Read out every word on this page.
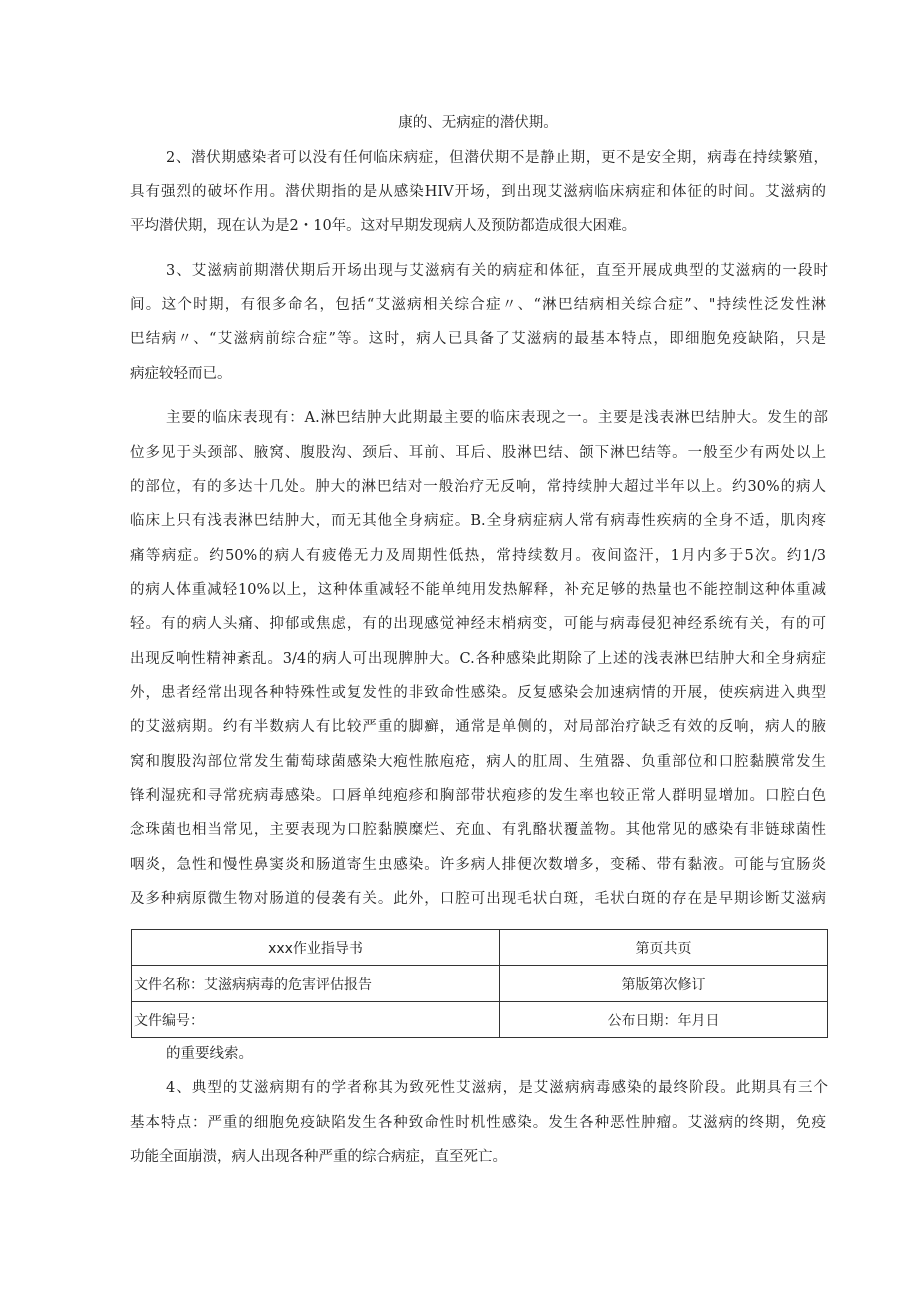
康的、无病症的潜伏期。
2、潜伏期感染者可以没有任何临床病症，但潜伏期不是静止期，更不是安全期，病毒在持续繁殖，
具有强烈的破坏作用。潜伏期指的是从感染HIV开场，到出现艾滋病临床病症和体征的时间。艾滋病的
平均潜伏期，现在认为是2・10年。这对早期发现病人及预防都造成很大困难。
3、艾滋病前期潜伏期后开场出现与艾滋病有关的病症和体征，直至开展成典型的艾滋病的一段时
间。这个时期，有很多命名，包括“艾滋病相关综合症〃、“淋巴结病相关综合症”、"持续性泛发性淋
巴结病〃、“艾滋病前综合症”等。这时，病人已具备了艾滋病的最基本特点，即细胞免疫缺陷，只是
病症较轻而已。
主要的临床表现有：A.淋巴结肿大此期最主要的临床表现之一。主要是浅表淋巴结肿大。发生的部
位多见于头颈部、腋窝、腹股沟、颈后、耳前、耳后、股淋巴结、颌下淋巴结等。一般至少有两处以上
的部位，有的多达十几处。肿大的淋巴结对一般治疗无反响，常持续肿大超过半年以上。约30%的病人
临床上只有浅表淋巴结肿大，而无其他全身病症。B.全身病症病人常有病毒性疾病的全身不适，肌肉疼
痛等病症。约50%的病人有疲倦无力及周期性低热，常持续数月。夜间盗汗，1月内多于5次。约1/3
的病人体重减轻10%以上，这种体重减轻不能单纯用发热解释，补充足够的热量也不能控制这种体重减
轻。有的病人头痛、抑郁或焦虑，有的出现感觉神经末梢病变，可能与病毒侵犯神经系统有关，有的可
出现反响性精神紊乱。3/4的病人可出现脾肿大。C.各种感染此期除了上述的浅表淋巴结肿大和全身病症
外，患者经常出现各种特殊性或复发性的非致命性感染。反复感染会加速病情的开展，使疾病进入典型
的艾滋病期。约有半数病人有比较严重的脚癣，通常是单侧的，对局部治疗缺乏有效的反响，病人的腋
窝和腹股沟部位常发生葡萄球菌感染大疱性脓庖疮，病人的肛周、生殖器、负重部位和口腔黏膜常发生
锋利湿疣和寻常疣病毒感染。口唇单纯疱疹和胸部带状疱疹的发生率也较正常人群明显增加。口腔白色
念珠菌也相当常见，主要表现为口腔黏膜糜烂、充血、有乳酪状覆盖物。其他常见的感染有非链球菌性
咽炎，急性和慢性鼻窦炎和肠道寄生虫感染。许多病人排便次数增多，变稀、带有黏液。可能与宜肠炎
及多种病原微生物对肠道的侵袭有关。此外，口腔可出现毛状白斑，毛状白斑的存在是早期诊断艾滋病
xxx作业指导书	第页共页
文件名称：艾滋病病毒的危害评估报告	第版第次修订
文件编号：	公布日期：年月日
的重要线索。
4、典型的艾滋病期有的学者称其为致死性艾滋病，是艾滋病病毒感染的最终阶段。此期具有三个
基本特点：严重的细胞免疫缺陷发生各种致命性时机性感染。发生各种恶性肿瘤。艾滋病的终期，免疫
功能全面崩溃，病人出现各种严重的综合病症，直至死亡。
